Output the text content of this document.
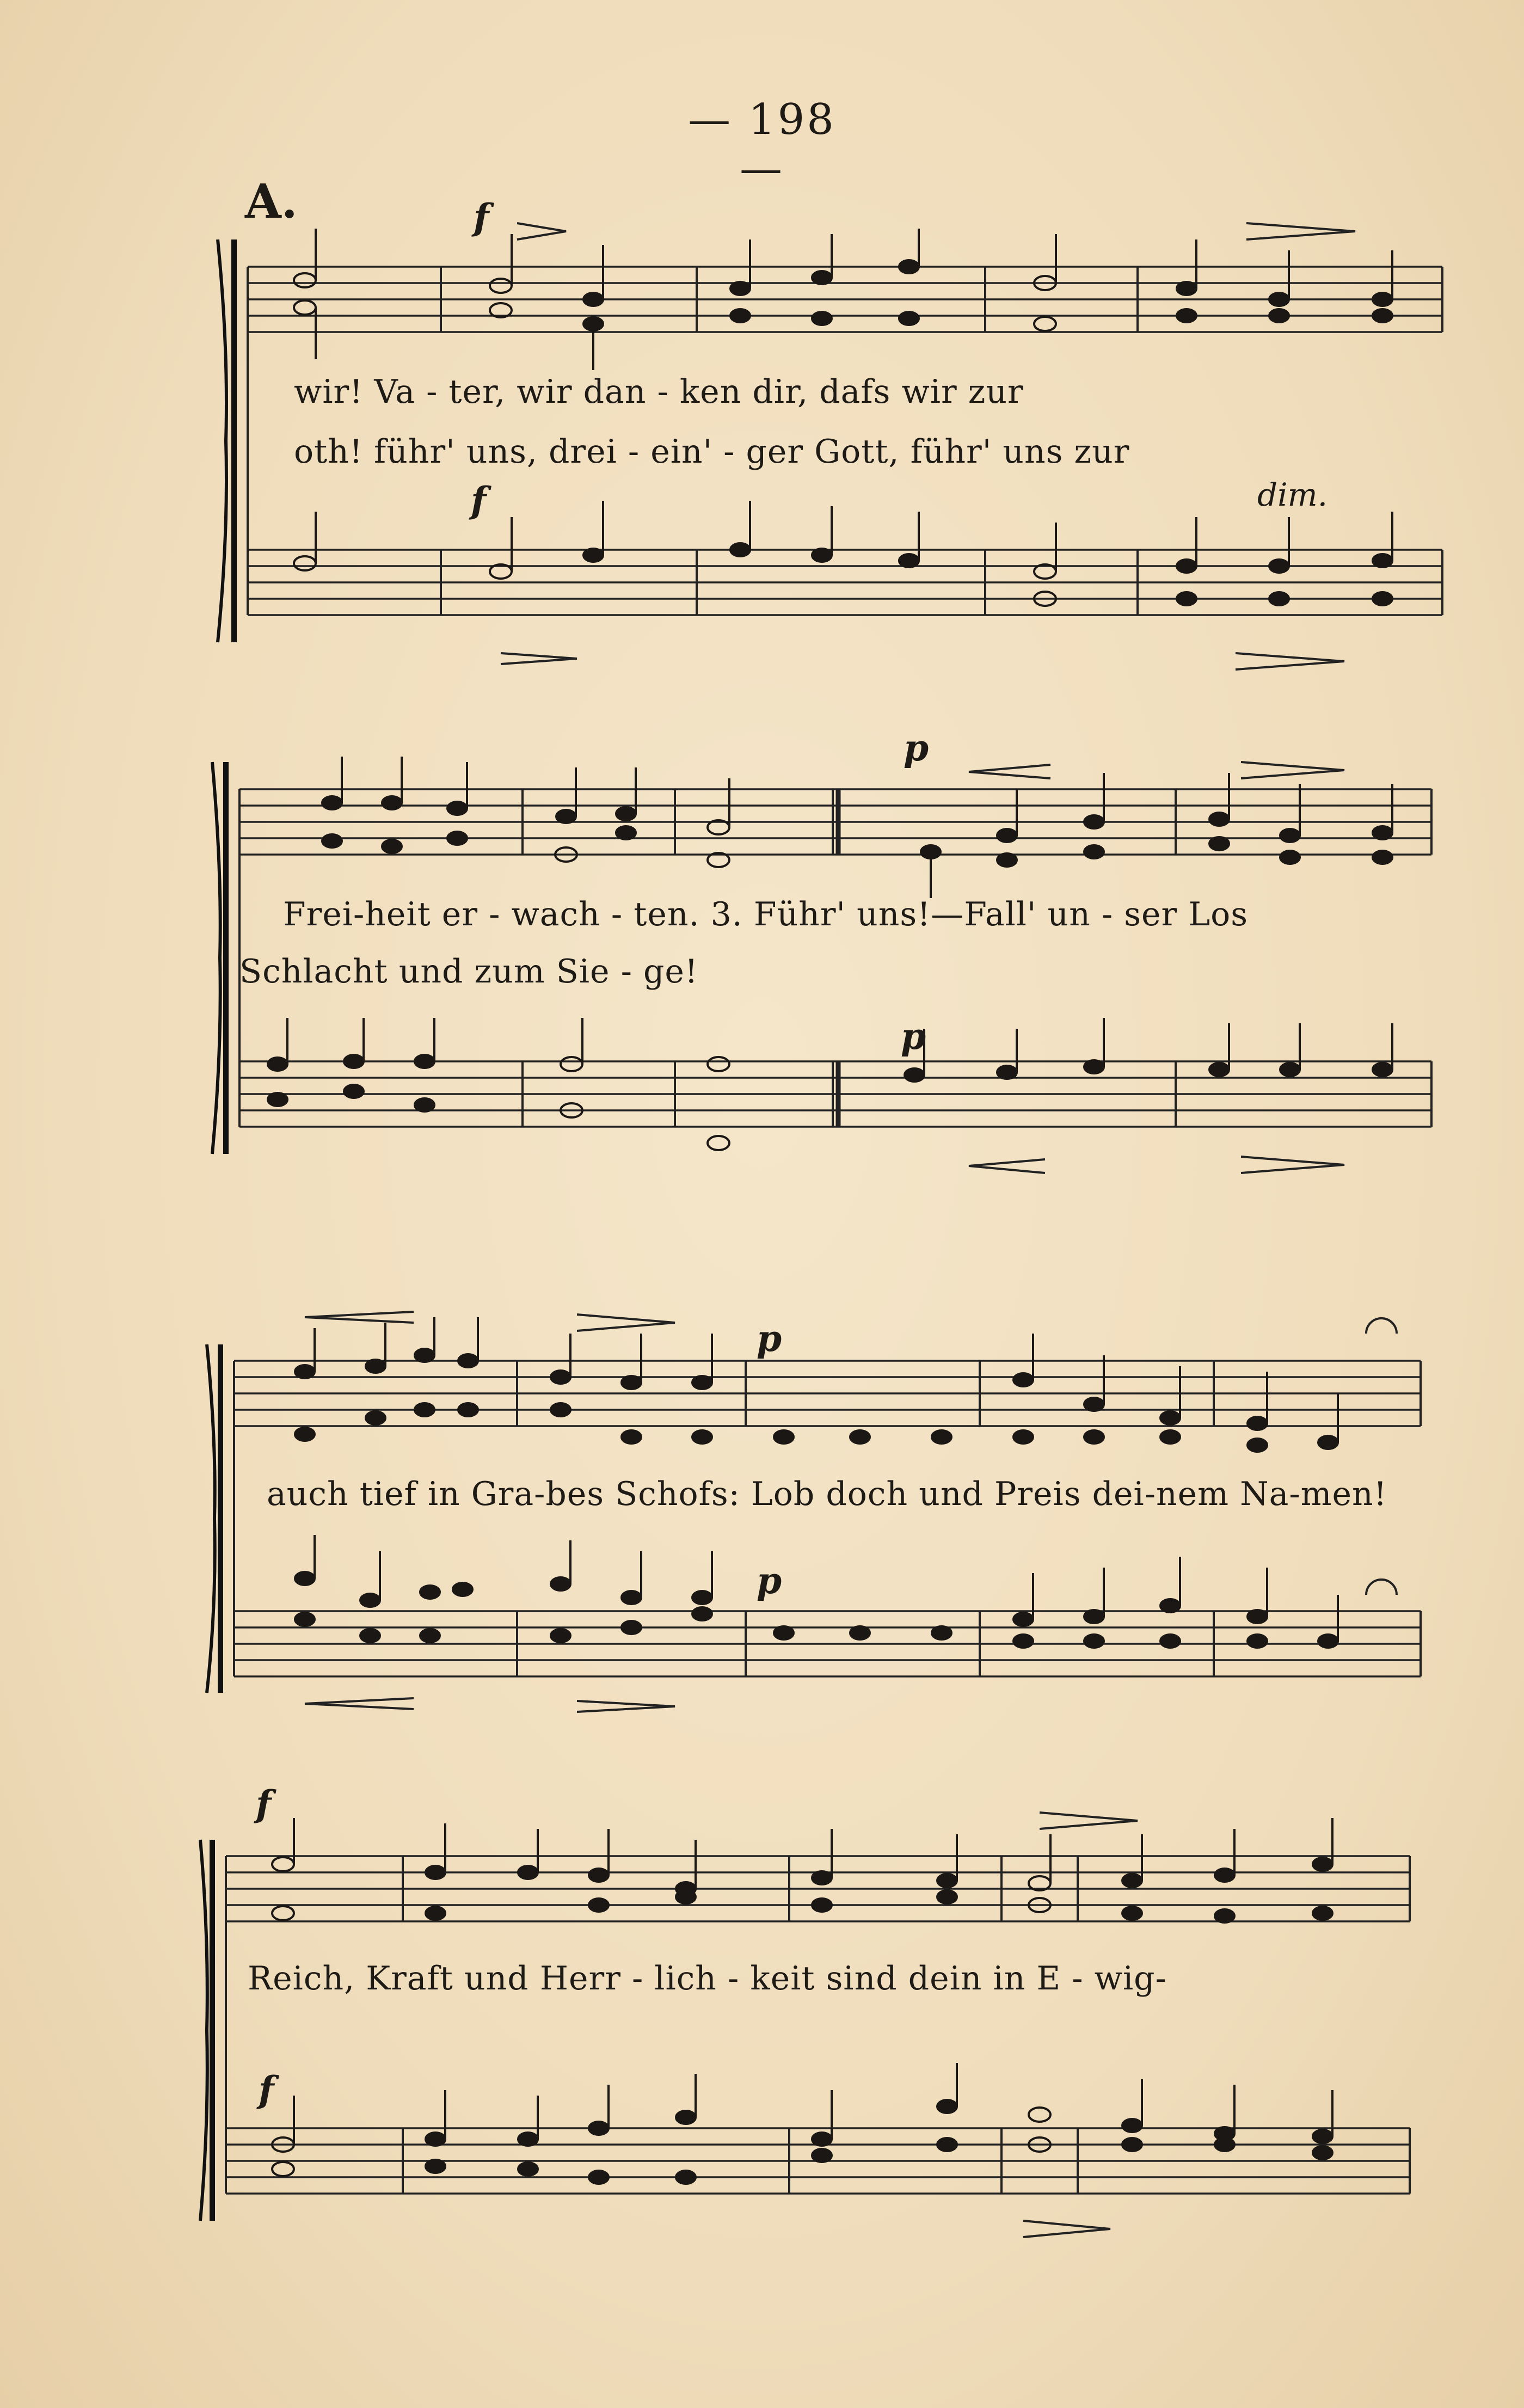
— 198 —
A.	f
f	dim.
wir! Va - ter, wir dan - ken dir, dafs wir zur
oth! führ' uns, drei - ein' - ger Gott, führ' uns zur
p
p
Frei-heit er - wach - ten. 3. Führ' uns!—Fall' un - ser Los
Schlacht und zum Sie - ge!
p
p
auch tief in Gra-bes Schofs: Lob doch und Preis dei-nem Na-men!
f
f
Reich, Kraft und Herr - lich - keit sind dein in E - wig-
